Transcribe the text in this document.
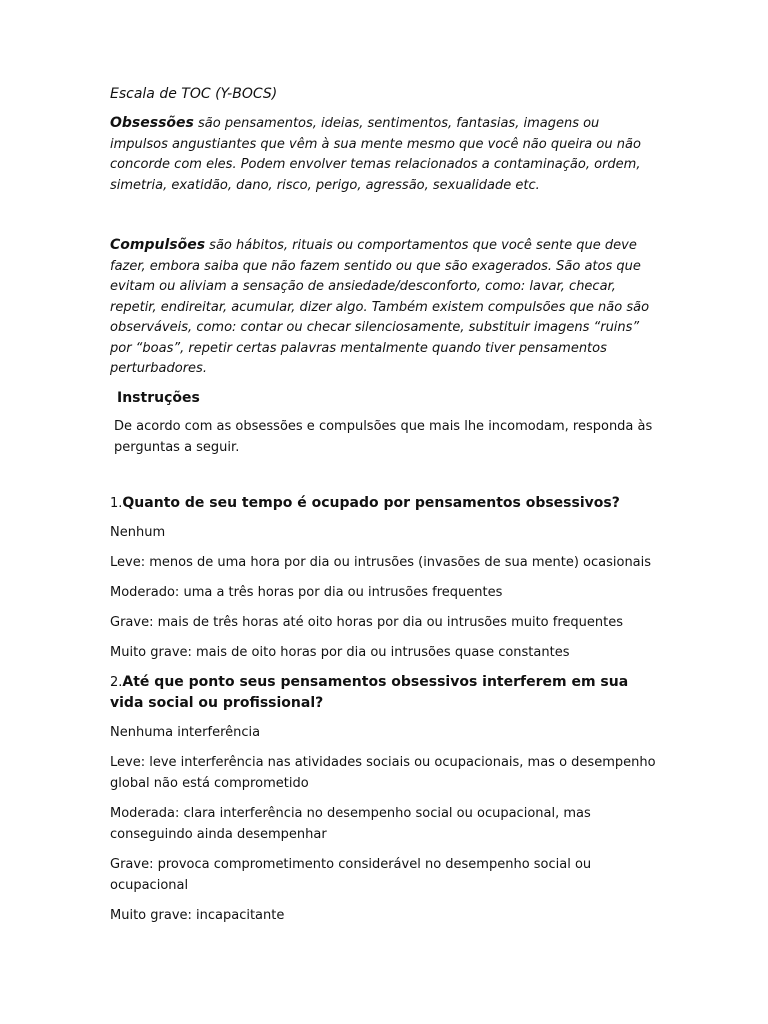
Escala de TOC (Y-BOCS)

Obsessões são pensamentos, ideias, sentimentos, fantasias, imagens ou impulsos angustiantes que vêm à sua mente mesmo que você não queira ou não concorde com eles. Podem envolver temas relacionados a contaminação, ordem, simetria, exatidão, dano, risco, perigo, agressão, sexualidade etc.

Compulsões são hábitos, rituais ou comportamentos que você sente que deve fazer, embora saiba que não fazem sentido ou que são exagerados. São atos que evitam ou aliviam a sensação de ansiedade/desconforto, como: lavar, checar, repetir, endireitar, acumular, dizer algo. Também existem compulsões que não são observáveis, como: contar ou checar silenciosamente, substituir imagens “ruins” por “boas”, repetir certas palavras mentalmente quando tiver pensamentos perturbadores.

Instruções

De acordo com as obsessões e compulsões que mais lhe incomodam, responda às perguntas a seguir.

1.Quanto de seu tempo é ocupado por pensamentos obsessivos?

Nenhum

Leve: menos de uma hora por dia ou intrusões (invasões de sua mente) ocasionais

Moderado: uma a três horas por dia ou intrusões frequentes

Grave: mais de três horas até oito horas por dia ou intrusões muito frequentes

Muito grave: mais de oito horas por dia ou intrusões quase constantes

2.Até que ponto seus pensamentos obsessivos interferem em sua vida social ou profissional?

Nenhuma interferência

Leve: leve interferência nas atividades sociais ou ocupacionais, mas o desempenho global não está comprometido

Moderada: clara interferência no desempenho social ou ocupacional, mas conseguindo ainda desempenhar

Grave: provoca comprometimento considerável no desempenho social ou ocupacional

Muito grave: incapacitante
